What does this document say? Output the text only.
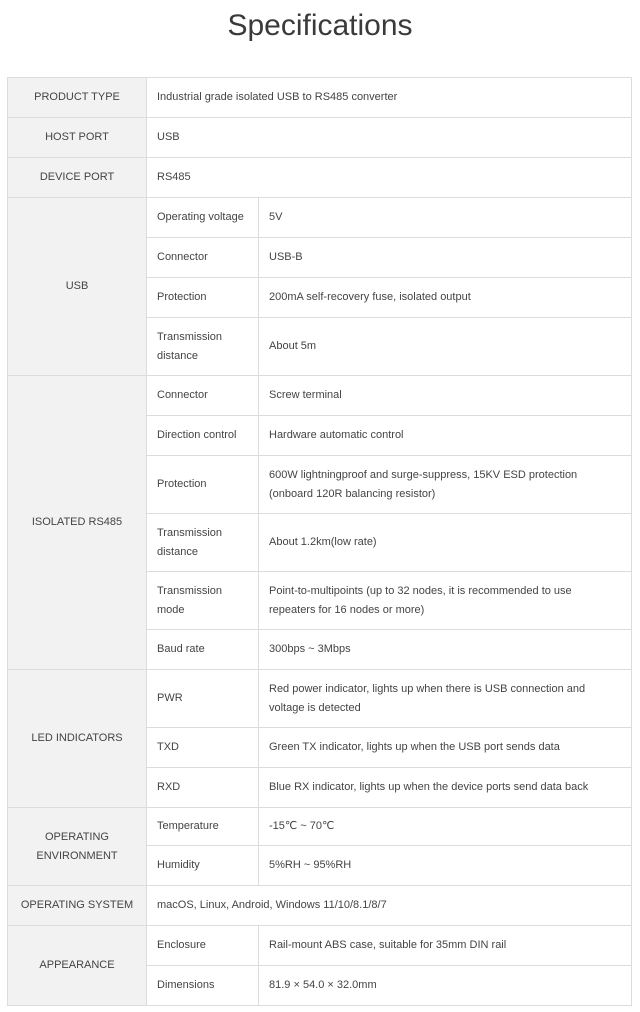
Specifications
PRODUCT TYPE	Industrial grade isolated USB to RS485 converter	
HOST PORT	USB	
DEVICE PORT	RS485	
USB	Operating voltage	5V
	Connector	USB-B
	Protection	200mA self-recovery fuse, isolated output
	Transmission distance	About 5m
ISOLATED RS485	Connector	Screw terminal
	Direction control	Hardware automatic control
	Protection	600W lightningproof and surge-suppress, 15KV ESD protection (onboard 120R balancing resistor)
	Transmission distance	About 1.2km(low rate)
	Transmission mode	Point-to-multipoints (up to 32 nodes, it is recommended to use repeaters for 16 nodes or more)
	Baud rate	300bps ~ 3Mbps
LED INDICATORS	PWR	Red power indicator, lights up when there is USB connection and voltage is detected
	TXD	Green TX indicator, lights up when the USB port sends data
	RXD	Blue RX indicator, lights up when the device ports send data back
OPERATING ENVIRONMENT	Temperature	-15℃ ~ 70℃
	Humidity	5%RH ~ 95%RH
OPERATING SYSTEM	macOS, Linux, Android, Windows 11/10/8.1/8/7	
APPEARANCE	Enclosure	Rail-mount ABS case, suitable for 35mm DIN rail
	Dimensions	81.9 × 54.0 × 32.0mm
